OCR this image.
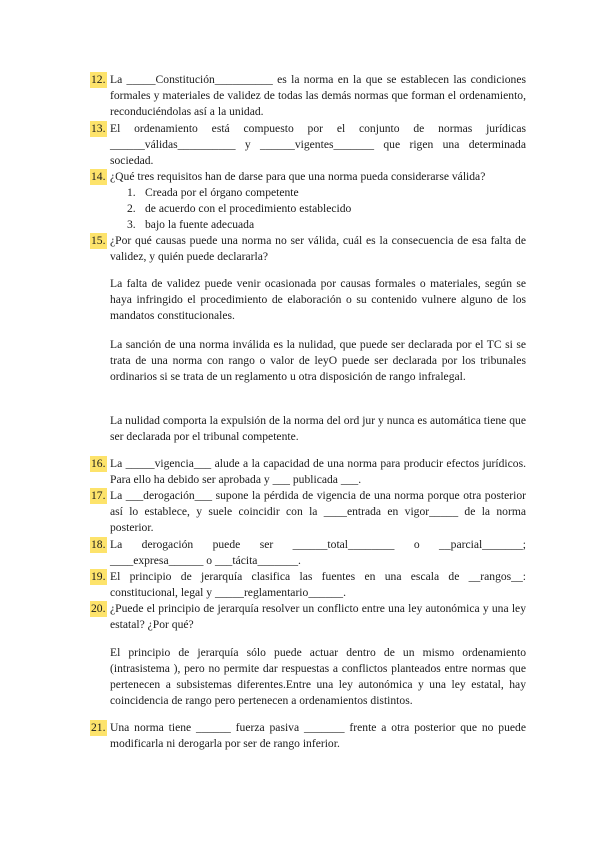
12. La _____Constitución__________ es la norma en la que se establecen las condiciones formales y materiales de validez de todas las demás normas que forman el ordenamiento, reconduciéndolas así a la unidad.
13. El ordenamiento está compuesto por el conjunto de normas jurídicas ______válidas__________ y ______vigentes_______ que rigen una determinada sociedad.
14. ¿Qué tres requisitos han de darse para que una norma pueda considerarse válida?
1. Creada por el órgano competente
2. de acuerdo con el procedimiento establecido
3. bajo la fuente adecuada
15. ¿Por qué causas puede una norma no ser válida, cuál es la consecuencia de esa falta de validez, y quién puede declararla?
La falta de validez puede venir ocasionada por causas formales o materiales, según se haya infringido el procedimiento de elaboración o su contenido vulnere alguno de los mandatos constitucionales.
La sanción de una norma inválida es la nulidad, que puede ser declarada por el TC si se trata de una norma con rango o valor de leyO puede ser declarada por los tribunales ordinarios si se trata de un reglamento u otra disposición de rango infralegal.
La nulidad comporta la expulsión de la norma del ord jur y nunca es automática tiene que ser declarada por el tribunal competente.
16. La _____vigencia___ alude a la capacidad de una norma para producir efectos jurídicos. Para ello ha debido ser aprobada y ___ publicada ___.
17. La ___derogación___ supone la pérdida de vigencia de una norma porque otra posterior así lo establece, y suele coincidir con la ____entrada en vigor_____ de la norma posterior.
18. La derogación puede ser ______total________ o __parcial_______;
____expresa______ o ___tácita_______.
19. El principio de jerarquía clasifica las fuentes en una escala de __rangos__: constitucional, legal y _____reglamentario______.
20. ¿Puede el principio de jerarquía resolver un conflicto entre una ley autonómica y una ley estatal? ¿Por qué?
El principio de jerarquía sólo puede actuar dentro de un mismo ordenamiento (intrasistema ), pero no permite dar respuestas a conflictos planteados entre normas que pertenecen a subsistemas diferentes.Entre una ley autonómica y una ley estatal, hay coincidencia de rango pero pertenecen a ordenamientos distintos.
21. Una norma tiene ______ fuerza pasiva _______ frente a otra posterior que no puede modificarla ni derogarla por ser de rango inferior.
